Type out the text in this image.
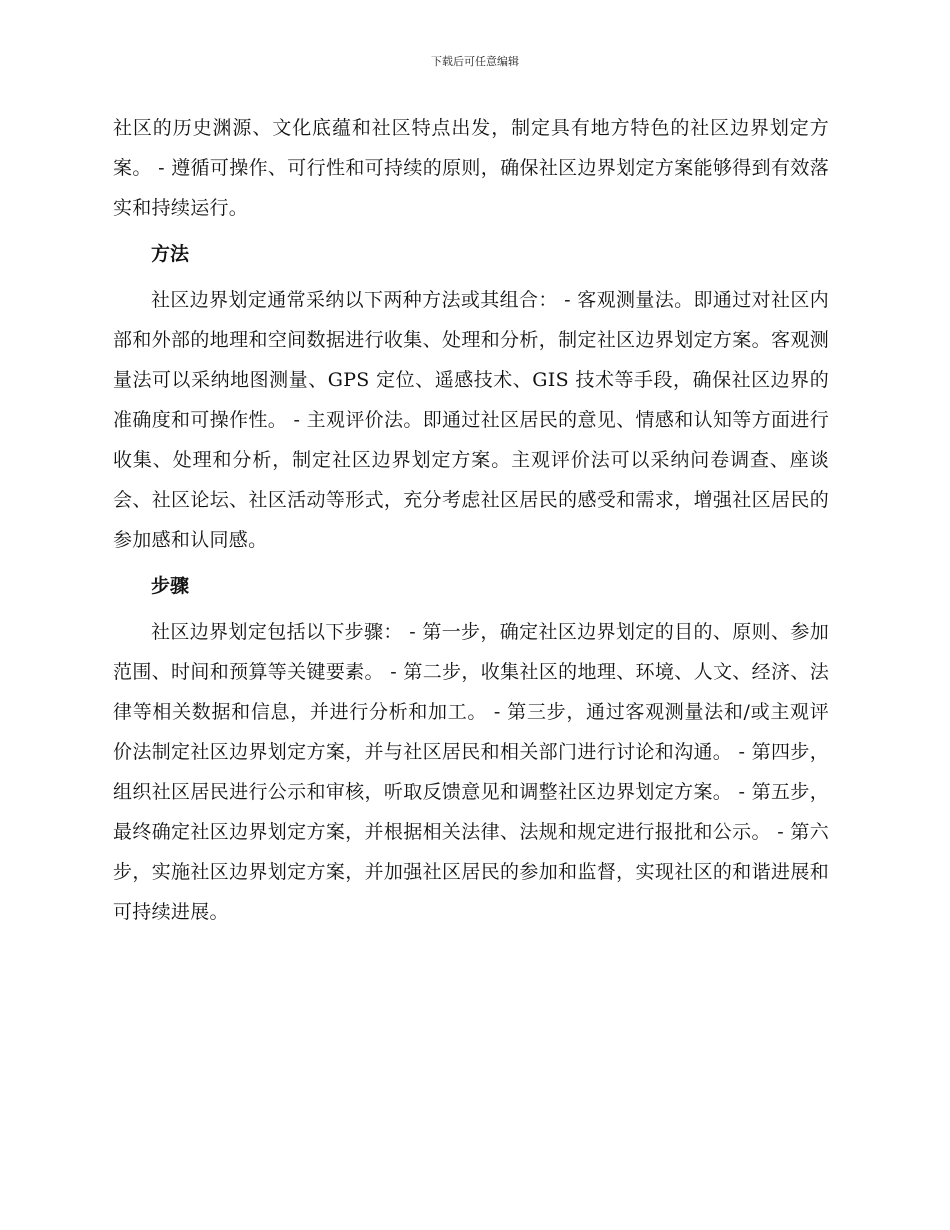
下载后可任意编辑

社区的历史渊源、文化底蕴和社区特点出发，制定具有地方特色的社区边界划定方案。 - 遵循可操作、可行性和可持续的原则，确保社区边界划定方案能够得到有效落实和持续运行。

方法

社区边界划定通常采纳以下两种方法或其组合： - 客观测量法。即通过对社区内部和外部的地理和空间数据进行收集、处理和分析，制定社区边界划定方案。客观测量法可以采纳地图测量、GPS 定位、遥感技术、GIS 技术等手段，确保社区边界的准确度和可操作性。 - 主观评价法。即通过社区居民的意见、情感和认知等方面进行收集、处理和分析，制定社区边界划定方案。主观评价法可以采纳问卷调查、座谈会、社区论坛、社区活动等形式，充分考虑社区居民的感受和需求，增强社区居民的参加感和认同感。

步骤

社区边界划定包括以下步骤： - 第一步，确定社区边界划定的目的、原则、参加范围、时间和预算等关键要素。 - 第二步，收集社区的地理、环境、人文、经济、法律等相关数据和信息，并进行分析和加工。 - 第三步，通过客观测量法和/或主观评价法制定社区边界划定方案，并与社区居民和相关部门进行讨论和沟通。 - 第四步，组织社区居民进行公示和审核，听取反馈意见和调整社区边界划定方案。 - 第五步，最终确定社区边界划定方案，并根据相关法律、法规和规定进行报批和公示。 - 第六步，实施社区边界划定方案，并加强社区居民的参加和监督，实现社区的和谐进展和可持续进展。
